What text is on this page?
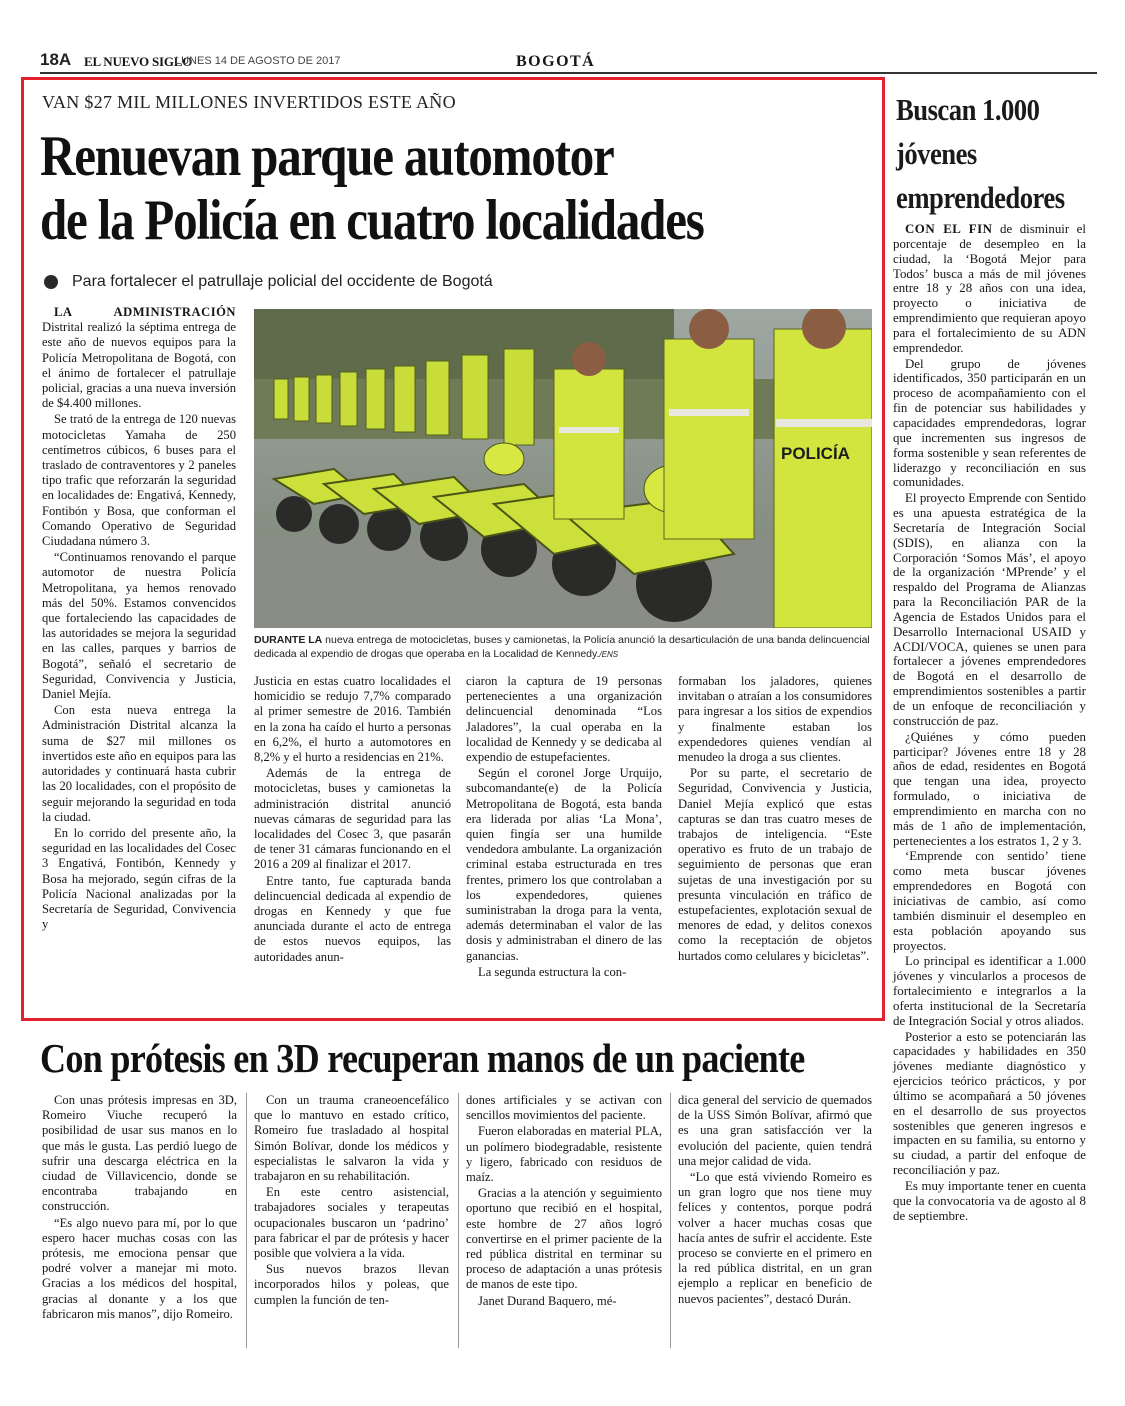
18A EL NUEVO SIGLO
LUNES 14 DE AGOSTO DE 2017	BOGOTÁ
VAN $27 MIL MILLONES INVERTIDOS ESTE AÑO
Renuevan parque automotor
de la Policía en cuatro localidades
Para fortalecer el patrullaje policial del occidente de Bogotá

LA ADMINISTRACIÓN Distrital realizó la séptima entrega de este año de nuevos equipos para la Policía Metropolitana de Bogotá, con el ánimo de fortalecer el patrullaje policial, gracias a una nueva inversión de $4.400 millones.

Se trató de la entrega de 120 nuevas motocicletas Yamaha de 250 centímetros cúbicos, 6 buses para el traslado de contraventores y 2 paneles tipo trafic que reforzarán la seguridad en localidades de: Engativá, Kennedy, Fontibón y Bosa, que conforman el Comando Operativo de Seguridad Ciudadana número 3.

“Continuamos renovando el parque automotor de nuestra Policía Metropolitana, ya hemos renovado más del 50%. Estamos convencidos que fortaleciendo las capacidades de las autoridades se mejora la seguridad en las calles, parques y barrios de Bogotá”, señaló el secretario de Seguridad, Convivencia y Justicia, Daniel Mejía.

Con esta nueva entrega la Administración Distrital alcanza la suma de $27 mil millones os invertidos este año en equipos para las autoridades y continuará hasta cubrir las 20 localidades, con el propósito de seguir mejorando la seguridad en toda la ciudad.

En lo corrido del presente año, la seguridad en las localidades del Cosec 3 Engativá, Fontibón, Kennedy y Bosa ha mejorado, según cifras de la Policía Nacional analizadas por la Secretaría de Seguridad, Convivencia y

POLICÍA
DURANTE LA nueva entrega de motocicletas, buses y camionetas, la Policía anunció la desarticulación de una banda delincuencial dedicada al expendio de drogas que operaba en la Localidad de Kennedy./ENS

Justicia en estas cuatro localidades el homicidio se redujo 7,7% comparado al primer semestre de 2016. También en la zona ha caído el hurto a personas en 6,2%, el hurto a automotores en 8,2% y el hurto a residencias en 21%.

Además de la entrega de motocicletas, buses y camionetas la administración distrital anunció nuevas cámaras de seguridad para las localidades del Cosec 3, que pasarán de tener 31 cámaras funcionando en el 2016 a 209 al finalizar el 2017.

Entre tanto, fue capturada banda delincuencial dedicada al expendio de drogas en Kennedy y que fue anunciada durante el acto de entrega de estos nuevos equipos, las autoridades anun-

ciaron la captura de 19 personas pertenecientes a una organización delincuencial denominada “Los Jaladores”, la cual operaba en la localidad de Kennedy y se dedicaba al expendio de estupefacientes.

Según el coronel Jorge Urquijo, subcomandante(e) de la Policía Metropolitana de Bogotá, esta banda era liderada por alias ‘La Mona’, quien fingía ser una humilde vendedora ambulante. La organización criminal estaba estructurada en tres frentes, primero los que controlaban a los expendedores, quienes suministraban la droga para la venta, además determinaban el valor de las dosis y administraban el dinero de las ganancias.

La segunda estructura la con-

formaban los jaladores, quienes invitaban o atraían a los consumidores para ingresar a los sitios de expendios y finalmente estaban los expendedores quienes vendían al menudeo la droga a sus clientes.

Por su parte, el secretario de Seguridad, Convivencia y Justicia, Daniel Mejía explicó que estas capturas se dan tras cuatro meses de trabajos de inteligencia. “Este operativo es fruto de un trabajo de seguimiento de personas que eran sujetas de una investigación por su presunta vinculación en tráfico de estupefacientes, explotación sexual de menores de edad, y delitos conexos como la receptación de objetos hurtados como celulares y bicicletas”.

Buscan 1.000 jóvenes emprendedores

CON EL FIN de disminuir el porcentaje de desempleo en la ciudad, la ‘Bogotá Mejor para Todos’ busca a más de mil jóvenes entre 18 y 28 años con una idea, proyecto o iniciativa de emprendimiento que requieran apoyo para el fortalecimiento de su ADN emprendedor.

Del grupo de jóvenes identificados, 350 participarán en un proceso de acompañamiento con el fin de potenciar sus habilidades y capacidades emprendedoras, lograr que incrementen sus ingresos de forma sostenible y sean referentes de liderazgo y reconciliación en sus comunidades.

El proyecto Emprende con Sentido es una apuesta estratégica de la Secretaría de Integración Social (SDIS), en alianza con la Corporación ‘Somos Más’, el apoyo de la organización ‘MPrende’ y el respaldo del Programa de Alianzas para la Reconciliación PAR de la Agencia de Estados Unidos para el Desarrollo Internacional USAID y ACDI/VOCA, quienes se unen para fortalecer a jóvenes emprendedores de Bogotá en el desarrollo de emprendimientos sostenibles a partir de un enfoque de reconciliación y construcción de paz.

¿Quiénes y cómo pueden participar? Jóvenes entre 18 y 28 años de edad, residentes en Bogotá que tengan una idea, proyecto formulado, o iniciativa de emprendimiento en marcha con no más de 1 año de implementación, pertenecientes a los estratos 1, 2 y 3.

‘Emprende con sentido’ tiene como meta buscar jóvenes emprendedores en Bogotá con iniciativas de cambio, así como también disminuir el desempleo en esta población apoyando sus proyectos.

Lo principal es identificar a 1.000 jóvenes y vincularlos a procesos de fortalecimiento e integrarlos a la oferta institucional de la Secretaría de Integración Social y otros aliados.

Posterior a esto se potenciarán las capacidades y habilidades en 350 jóvenes mediante diagnóstico y ejercicios teórico prácticos, y por último se acompañará a 50 jóvenes en el desarrollo de sus proyectos sostenibles que generen ingresos e impacten en su familia, su entorno y su ciudad, a partir del enfoque de reconciliación y paz.

Es muy importante tener en cuenta que la convocatoria va de agosto al 8 de septiembre.

Con prótesis en 3D recuperan manos de un paciente

Con unas prótesis impresas en 3D, Romeiro Viuche recuperó la posibilidad de usar sus manos en lo que más le gusta. Las perdió luego de sufrir una descarga eléctrica en la ciudad de Villavicencio, donde se encontraba trabajando en construcción.

“Es algo nuevo para mí, por lo que espero hacer muchas cosas con las prótesis, me emociona pensar que podré volver a manejar mi moto. Gracias a los médicos del hospital, gracias al donante y a los que fabricaron mis manos”, dijo Romeiro.

Con un trauma craneoencefálico que lo mantuvo en estado crítico, Romeiro fue trasladado al hospital Simón Bolívar, donde los médicos y especialistas le salvaron la vida y trabajaron en su rehabilitación.

En este centro asistencial, trabajadores sociales y terapeutas ocupacionales buscaron un ‘padrino’ para fabricar el par de prótesis y hacer posible que volviera a la vida.

Sus nuevos brazos llevan incorporados hilos y poleas, que cumplen la función de ten-

dones artificiales y se activan con sencillos movimientos del paciente.

Fueron elaboradas en material PLA, un polímero biodegradable, resistente y ligero, fabricado con residuos de maíz.

Gracias a la atención y seguimiento oportuno que recibió en el hospital, este hombre de 27 años logró convertirse en el primer paciente de la red pública distrital en terminar su proceso de adaptación a unas prótesis de manos de este tipo.

Janet Durand Baquero, mé-

dica general del servicio de quemados de la USS Simón Bolívar, afirmó que es una gran satisfacción ver la evolución del paciente, quien tendrá una mejor calidad de vida.

“Lo que está viviendo Romeiro es un gran logro que nos tiene muy felices y contentos, porque podrá volver a hacer muchas cosas que hacía antes de sufrir el accidente. Este proceso se convierte en el primero en la red pública distrital, en un gran ejemplo a replicar en beneficio de nuevos pacientes”, destacó Durán.
